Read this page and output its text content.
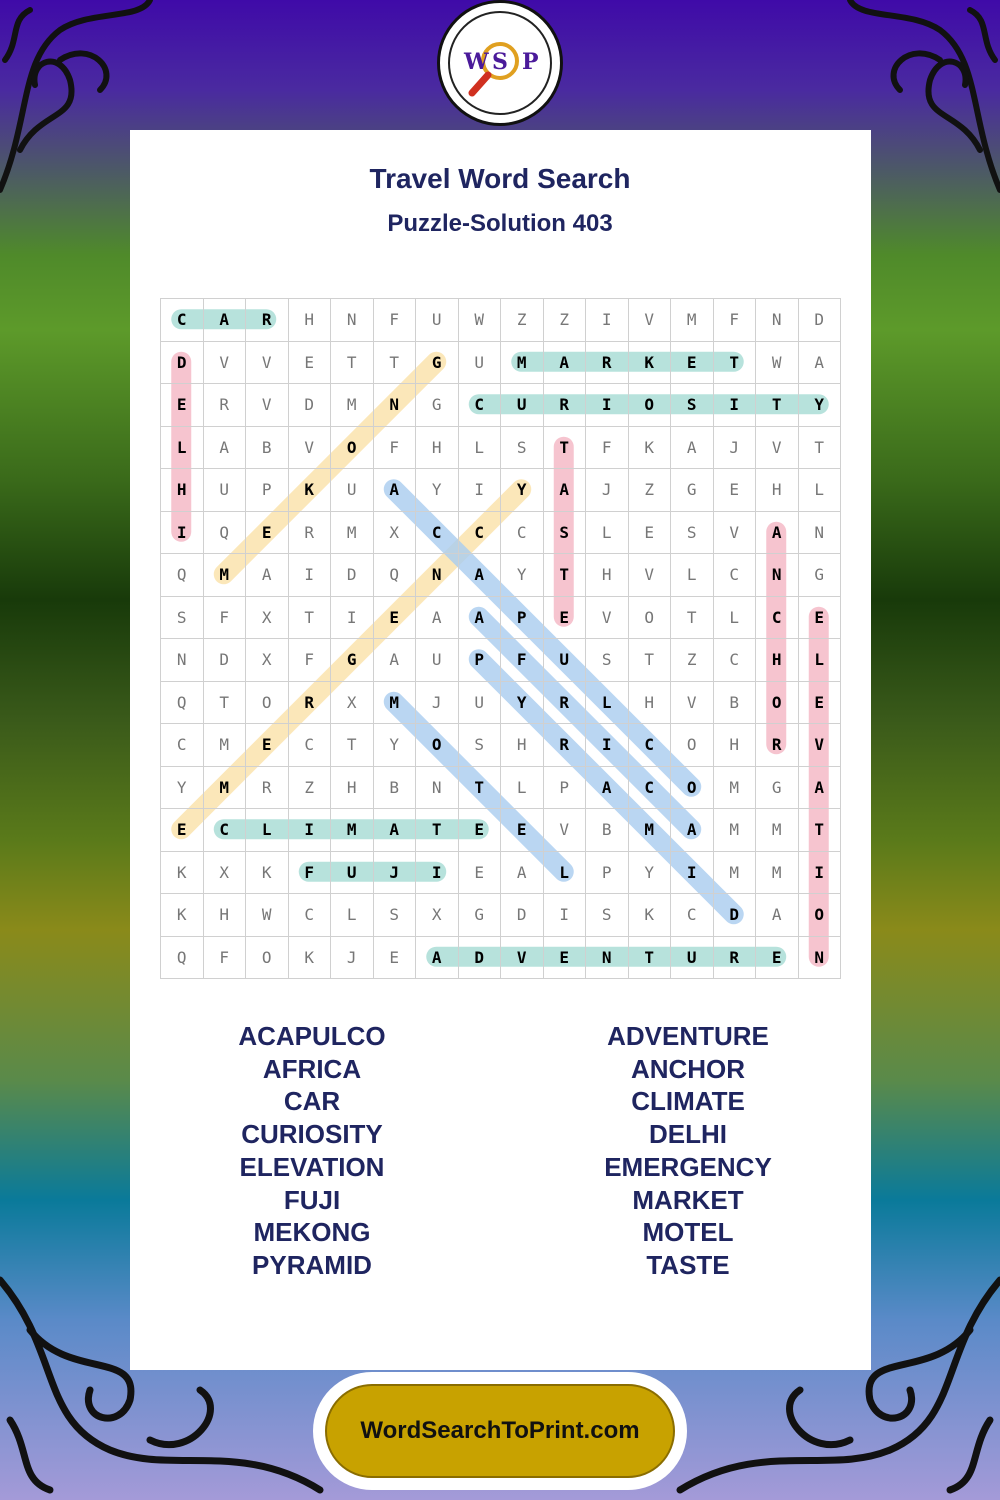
W S P
Travel Word Search
Puzzle-Solution 403
C	A	R	H	N	F	U	W	Z	Z	I	V	M	F	N	D
D	V	V	E	T	T	G	U	M	A	R	K	E	T	W	A
E	R	V	D	M	N	G	C	U	R	I	O	S	I	T	Y
L	A	B	V	O	F	H	L	S	T	F	K	A	J	V	T
H	U	P	K	U	A	Y	I	Y	A	J	Z	G	E	H	L
I	Q	E	R	M	X	C	C	C	S	L	E	S	V	A	N
Q	M	A	I	D	Q	N	A	Y	T	H	V	L	C	N	G
S	F	X	T	I	E	A	A	P	E	V	O	T	L	C	E
N	D	X	F	G	A	U	P	F	U	S	T	Z	C	H	L
Q	T	O	R	X	M	J	U	Y	R	L	H	V	B	O	E
C	M	E	C	T	Y	O	S	H	R	I	C	O	H	R	V
Y	M	R	Z	H	B	N	T	L	P	A	C	O	M	G	A
E	C	L	I	M	A	T	E	E	V	B	M	A	M	M	T
K	X	K	F	U	J	I	E	A	L	P	Y	I	M	M	I
K	H	W	C	L	S	X	G	D	I	S	K	C	D	A	O
Q	F	O	K	J	E	A	D	V	E	N	T	U	R	E	N
ACAPULCO
AFRICA
CAR
CURIOSITY
ELEVATION
FUJI
MEKONG
PYRAMID
ADVENTURE
ANCHOR
CLIMATE
DELHI
EMERGENCY
MARKET
MOTEL
TASTE
WordSearchToPrint.com
